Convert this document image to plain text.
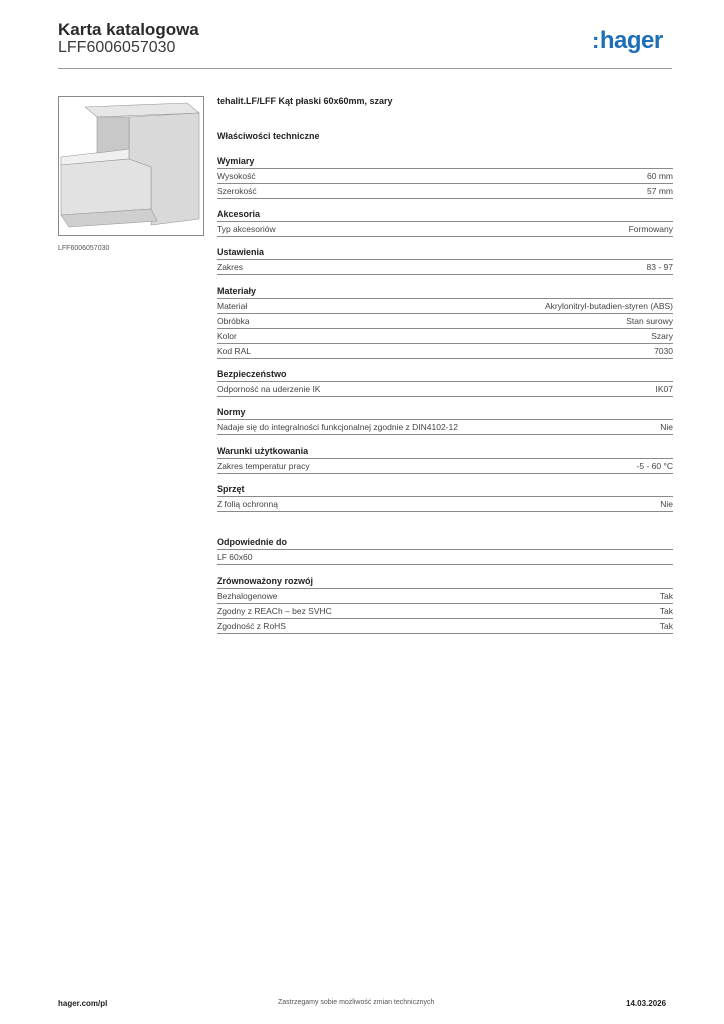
Karta katalogowa
LFF6006057030	:hager
LFF6006057030
tehalit.LF/LFF Kąt płaski 60x60mm, szary
Właściwości techniczne
Wymiary
Wysokość	60 mm
Szerokość	57 mm
Akcesoria
Typ akcesoriów	Formowany
Ustawienia
Zakres	83 - 97
Materiały
Materiał	Akrylonitryl-butadien-styren (ABS)
Obróbka	Stan surowy
Kolor	Szary
Kod RAL	7030
Bezpieczeństwo
Odporność na uderzenie IK	IK07
Normy
Nadaje się do integralności funkcjonalnej zgodnie z DIN4102-12	Nie
Warunki użytkowania
Zakres temperatur pracy	-5 - 60 °C
Sprzęt
Z folią ochronną	Nie
Odpowiednie do
LF 60x60
Zrównoważony rozwój
Bezhalogenowe	Tak
Zgodny z REACh – bez SVHC	Tak
Zgodność z RoHS	Tak
hager.com/pl	Zastrzegamy sobie możliwość zmian technicznych	14.03.2026
